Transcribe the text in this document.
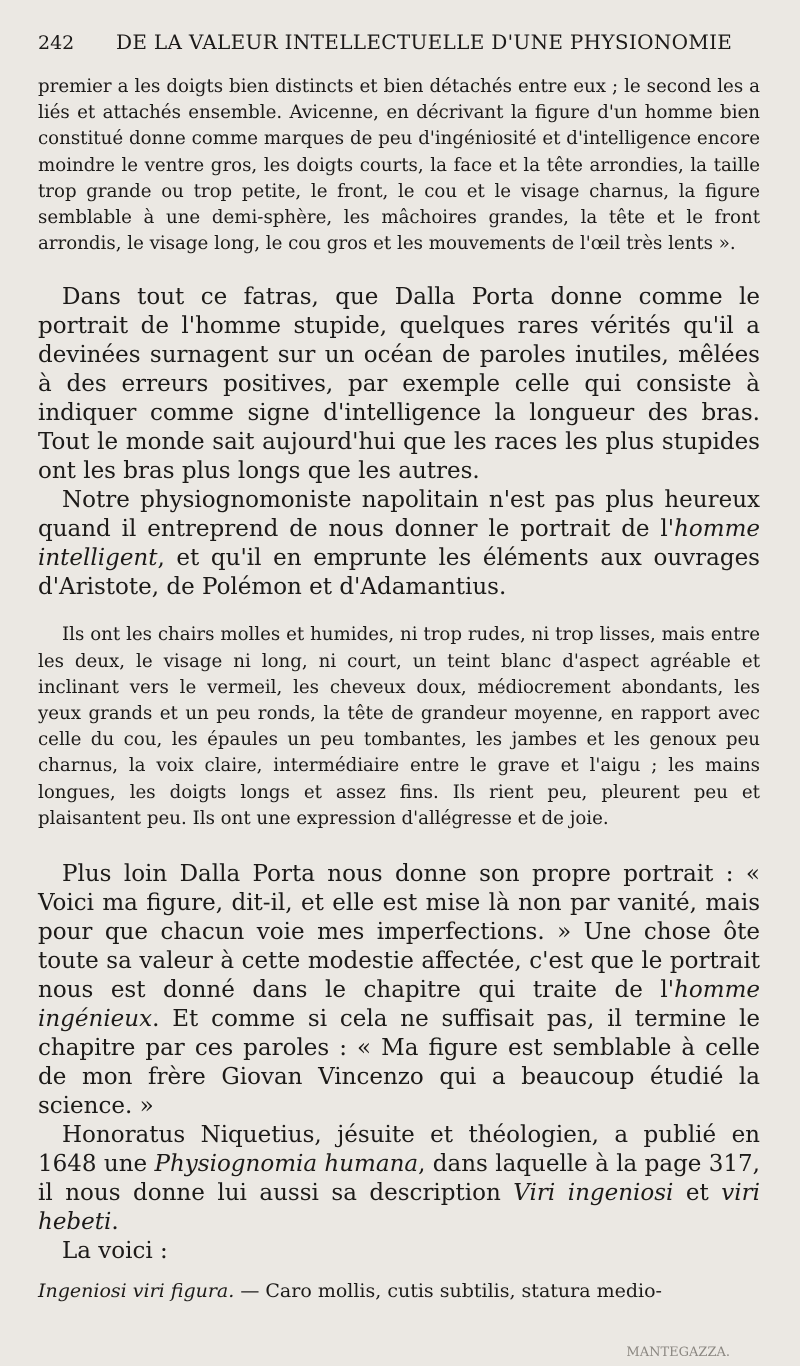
242	DE LA VALEUR INTELLECTUELLE D'UNE PHYSIONOMIE

premier a les doigts bien distincts et bien détachés entre eux ; le second les a liés et attachés ensemble. Avicenne, en décrivant la figure d'un homme bien constitué donne comme marques de peu d'ingéniosité et d'intelligence encore moindre le ventre gros, les doigts courts, la face et la tête arrondies, la taille trop grande ou trop petite, le front, le cou et le visage charnus, la figure semblable à une demi-sphère, les mâchoires grandes, la tête et le front arrondis, le visage long, le cou gros et les mouvements de l'œil très lents ».

Dans tout ce fatras, que Dalla Porta donne comme le portrait de l'homme stupide, quelques rares vérités qu'il a devinées surnagent sur un océan de paroles inutiles, mêlées à des erreurs positives, par exemple celle qui consiste à indiquer comme signe d'intelligence la longueur des bras. Tout le monde sait aujourd'hui que les races les plus stupides ont les bras plus longs que les autres.

Notre physiognomoniste napolitain n'est pas plus heureux quand il entreprend de nous donner le portrait de l'homme intelligent, et qu'il en emprunte les éléments aux ouvrages d'Aristote, de Polémon et d'Adamantius.

Ils ont les chairs molles et humides, ni trop rudes, ni trop lisses, mais entre les deux, le visage ni long, ni court, un teint blanc d'aspect agréable et inclinant vers le vermeil, les cheveux doux, médiocrement abondants, les yeux grands et un peu ronds, la tête de grandeur moyenne, en rapport avec celle du cou, les épaules un peu tombantes, les jambes et les genoux peu charnus, la voix claire, intermédiaire entre le grave et l'aigu ; les mains longues, les doigts longs et assez fins. Ils rient peu, pleurent peu et plaisantent peu. Ils ont une expression d'allégresse et de joie.

Plus loin Dalla Porta nous donne son propre portrait : « Voici ma figure, dit-il, et elle est mise là non par vanité, mais pour que chacun voie mes imperfections. » Une chose ôte toute sa valeur à cette modestie affectée, c'est que le portrait nous est donné dans le chapitre qui traite de l'homme ingénieux. Et comme si cela ne suffisait pas, il termine le chapitre par ces paroles : « Ma figure est semblable à celle de mon frère Giovan Vincenzo qui a beaucoup étudié la science. »

Honoratus Niquetius, jésuite et théologien, a publié en 1648 une Physiognomia humana, dans laquelle à la page 317, il nous donne lui aussi sa description Viri ingeniosi et viri hebeti.

La voici :

Ingeniosi viri figura. — Caro mollis, cutis subtilis, statura medio-

MANTEGAZZA.
